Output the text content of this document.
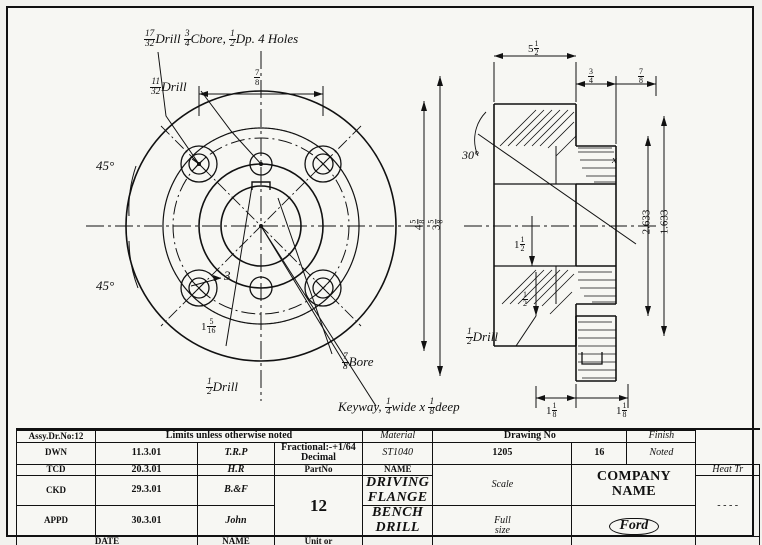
$\frac{17}{32}$ Drill $\frac{3}{4}$ Cbore, $\frac{1}{2} Dp$. 4 Holes
$\frac{11}{32}$ Drill
$\frac{7}{8}$
45°
45°
3
$1 \frac{5}{16}$
$\frac{1}{2}$ Drill
$\frac{7}{8}$ Bore
Keyway, $\frac{1}{4}$ wide x $\frac{1}{8}$ deep
4
5 8
3
5 8
$5 \frac{1}{2}$
$\frac{3}{4}$	$\frac{7}{8}$
30°
$1 \frac{1}{2}$
$\frac{1}{2}$
$\frac{1}{2}$ Drill
$1 \frac{1}{8}$	$1 \frac{1}{8}$
2.633 1.633
x
Assy.Dr.No:12	Limits unless otherwise noted			Material	Drawing No		Finish	
DWN	11.3.01	T.R.P	Fractional:-+1/64 Decimal	ST1040	1205	16	Noted	
TCD	20.3.01	H.R	PartNo	NAME	Scale	COMPANY NAME		Heat Tr
CKD	29.3.01	B.&F	12	DRIVING FLANGE				- - - -
APPD	30.3.01	John		BENCH DRILL	Full
size	Ford		
DATE		NAME	Unit or					
